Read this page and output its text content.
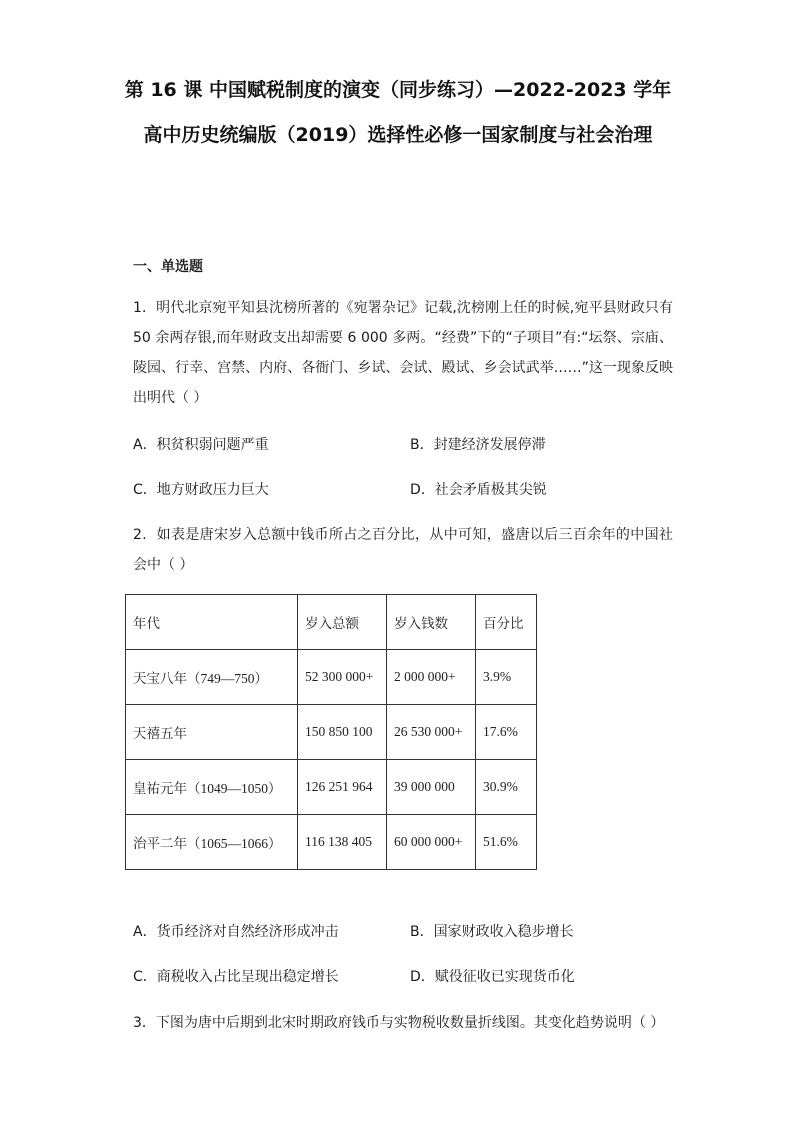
第 16 课 中国赋税制度的演变（同步练习）—2022-2023 学年高中历史统编版（2019）选择性必修一国家制度与社会治理
一、单选题
1．明代北京宛平知县沈榜所著的《宛署杂记》记载,沈榜刚上任的时候,宛平县财政只有 50 余两存银,而年财政支出却需要 6 000 多两。“经费”下的“子项目”有:“坛祭、宗庙、陵园、行幸、宫禁、内府、各衙门、乡试、会试、殿试、乡会试武举……”这一现象反映出明代（ ）
A．积贫积弱问题严重	B．封建经济发展停滞
C．地方财政压力巨大	D．社会矛盾极其尖锐
2．如表是唐宋岁入总额中钱币所占之百分比，从中可知，盛唐以后三百余年的中国社会中（ ）
年代	岁入总额	岁入钱数	百分比
天宝八年（749—750）	52 300 000+	2 000 000+	3.9%
天禧五年	150 850 100	26 530 000+	17.6%
皇祐元年（1049—1050）	126 251 964	39 000 000	30.9%
治平二年（1065—1066）	116 138 405	60 000 000+	51.6%
A．货币经济对自然经济形成冲击	B．国家财政收入稳步增长
C．商税收入占比呈现出稳定增长	D．赋役征收已实现货币化
3．下图为唐中后期到北宋时期政府钱币与实物税收数量折线图。其变化趋势说明（ ）
